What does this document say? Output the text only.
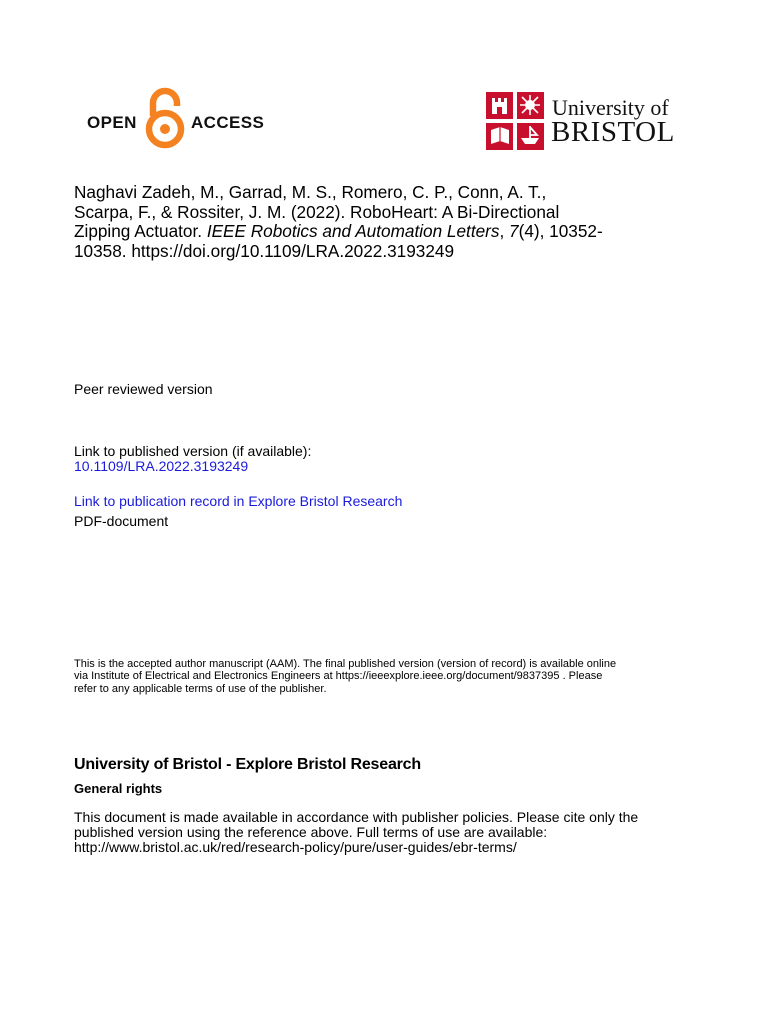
OPEN	ACCESS
University of
BRISTOL
Naghavi Zadeh, M., Garrad, M. S., Romero, C. P., Conn, A. T.,
Scarpa, F., & Rossiter, J. M. (2022). RoboHeart: A Bi-Directional
Zipping Actuator. IEEE Robotics and Automation Letters, 7(4), 10352-
10358. https://doi.org/10.1109/LRA.2022.3193249
Peer reviewed version
Link to published version (if available):
10.1109/LRA.2022.3193249
Link to publication record in Explore Bristol Research
PDF-document
This is the accepted author manuscript (AAM). The final published version (version of record) is available online
via Institute of Electrical and Electronics Engineers at https://ieeexplore.ieee.org/document/9837395 . Please
refer to any applicable terms of use of the publisher.
University of Bristol - Explore Bristol Research
General rights
This document is made available in accordance with publisher policies. Please cite only the
published version using the reference above. Full terms of use are available:
http://www.bristol.ac.uk/red/research-policy/pure/user-guides/ebr-terms/
